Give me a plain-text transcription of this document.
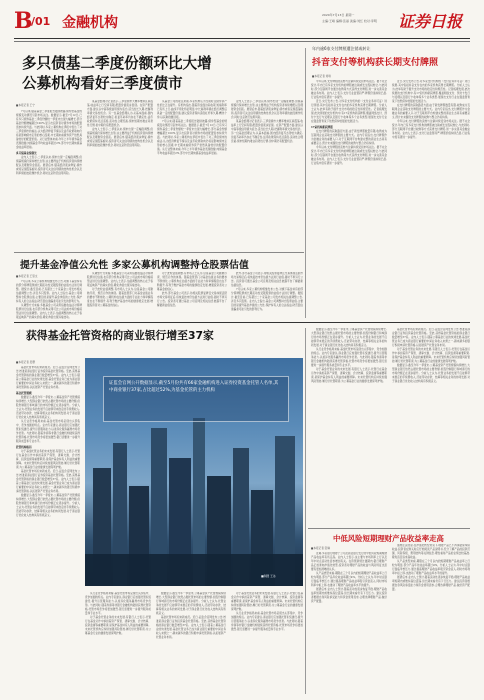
B
/01 金融机构	2020年7月13日 星期一
主编:王峰 编辑:张丽 美编:刘红 校对:李明 证券日报
多只债基二季度份额环比大增
公募机构看好三季度债市
■本报记者 王宁

7月以来,随着基金二季度报告陆续披露,债券型基金的规模变动情况引起市场关注。数据显示,截至7月12日,已有多只债券基金二季度份额较一季度末出现大幅增长,部分基金份额增幅超过100%,显示出投资者对债券市场的配置需求持续升温。与此同时,多家公募机构在季报中表达了对三季度债市的看法,认为经济修复节奏以及货币政策取向仍将是影响债市走势的核心因素,中长期来看债券资产依然具备较好的配置价值。从行业整体来看,今年上半年债券基金表现稳健,纯债基金平均收益率超过2%,部分中长期纯债基金收益率居前。

多只债基业绩领先

业内人士表示,二季度以来,债市出现一定幅度调整,但债基规模仍保持增长态势,这主要得益于机构投资者持续增配以及理财资金回流。展望后市,随着经济逐步修复,债市或将呈现震荡格局,投资者可关注信用债的结构性机会以及利率债的波段操作机会,同时注意防范信用风险。

某基金经理对记者表示,三季度债市大概率维持区间震荡,收益率上行空间有限,配置价值逐步显现。在资产配置方面,建议以中高等级信用债为底仓,适当拉长久期,把握利率债交易性机会。另一位基金经理认为,从基本面看,国内经济复苏态势较为确定,但复苏斜率仍存在不确定性,货币政策保持灵活适度,流动性合理充裕,债市短期内难言趋势性行情,但中期仍有配置机会。

业内人士表示,二季度以来,债市出现一定幅度调整,但债基规模仍保持增长态势,这主要得益于机构投资者持续增配以及理财资金回流。展望后市,随着经济逐步修复,债市或将呈现震荡格局,投资者可关注信用债的结构性机会以及利率债的波段操作机会,同时注意防范信用风险。

从基金公司的观点来看,多家机构认为当前时点债券资产性价比正在提升。有机构指出,随着资金面边际收紧,短端利率已有所上行,曲线平坦化特征明显,中长端利率债在经历调整后具备一定的配置价值,建议投资者保持适度杠杆和久期,精选个券,以获取稳健回报。

7月以来,随着基金二季度报告陆续披露,债券型基金的规模变动情况引起市场关注。数据显示,截至7月12日,已有多只债券基金二季度份额较一季度末出现大幅增长,部分基金份额增幅超过100%,显示出投资者对债券市场的配置需求持续升温。与此同时,多家公募机构在季报中表达了对三季度债市的看法,认为经济修复节奏以及货币政策取向仍将是影响债市走势的核心因素,中长期来看债券资产依然具备较好的配置价值。从行业整体来看,今年上半年债券基金表现稳健,纯债基金平均收益率超过2%,部分中长期纯债基金收益率居前。

业内人士表示,二季度以来,债市出现一定幅度调整,但债基规模仍保持增长态势,这主要得益于机构投资者持续增配以及理财资金回流。展望后市,随着经济逐步修复,债市或将呈现震荡格局,投资者可关注信用债的结构性机会以及利率债的波段操作机会,同时注意防范信用风险。

某基金经理对记者表示,三季度债市大概率维持区间震荡,收益率上行空间有限,配置价值逐步显现。在资产配置方面,建议以中高等级信用债为底仓,适当拉长久期,把握利率债交易性机会。另一位基金经理认为,从基本面看,国内经济复苏态势较为确定,但复苏斜率仍存在不确定性,货币政策保持灵活适度,流动性合理充裕,债市短期内难言趋势性行情,但中期仍有配置机会。

年内逾6家支付牌照遭注销或转让
抖音支付等机构获长期支付牌照
■本报记者 刘琪

今年以来,支付牌照的流转与注销持续受到市场关注。据不完全统计,年内已有多家支付机构的牌照被注销或发生股权转让,与此同时,部分互联网平台通过收购等方式获得支付牌照,进一步完善其金融业务布局。业内人士表示,支付行业监管趋严,牌照价值持续凸显,行业集中度有望进一步提升。

近日,央行发布公告,对多家支付机构的《支付业务许可证》进行续展,其中包括抖音支付在内的多家机构获得长期牌照。分析人士认为,此举有助于提升支付市场的稳定性和规范性。记者梳理发现,此次续展的支付机构中,有17家机构新获牌照,覆盖网络支付、预付卡发行与受理以及银行卡收单等多个业务类型,展现出支付行业在强监管背景下依然保持较强的发展活力。

17家机构新获牌照

在支付牌照的获取路径方面,由于新发牌照数量有限,收购成为互联网企业获取支付牌照的主要方式。业内专家指出,支付牌照作为金融业务的重要入口,对于互联网平台构建完整的商业生态具有重要意义,预计未来围绕支付牌照的收购与整合仍将持续。

今年以来,支付牌照的流转与注销持续受到市场关注。据不完全统计,年内已有多家支付机构的牌照被注销或发生股权转让,与此同时,部分互联网平台通过收购等方式获得支付牌照,进一步完善其金融业务布局。业内人士表示,支付行业监管趋严,牌照价值持续凸显,行业集中度有望进一步提升。

近日,央行发布公告,对多家支付机构的《支付业务许可证》进行续展,其中包括抖音支付在内的多家机构获得长期牌照。分析人士认为,此举有助于提升支付市场的稳定性和规范性。记者梳理发现,此次续展的支付机构中,有17家机构新获牌照,覆盖网络支付、预付卡发行与受理以及银行卡收单等多个业务类型,展现出支付行业在强监管背景下依然保持较强的发展活力。

在支付牌照的获取路径方面,由于新发牌照数量有限,收购成为互联网企业获取支付牌照的主要方式。业内专家指出,支付牌照作为金融业务的重要入口,对于互联网平台构建完整的商业生态具有重要意义,预计未来围绕支付牌照的收购与整合仍将持续。

今年以来,支付牌照的流转与注销持续受到市场关注。据不完全统计,年内已有多家支付机构的牌照被注销或发生股权转让,与此同时,部分互联网平台通过收购等方式获得支付牌照,进一步完善其金融业务布局。业内人士表示,支付行业监管趋严,牌照价值持续凸显,行业集中度有望进一步提升。

提升基金净值公允性 多家公募机构调整持仓股票估值
■本报记者 王思文

7月以来,多家公募机构相继发布公告,对旗下基金持有的部分停牌股票或长期流动性受限股票的估值方法进行调整。据统计,截至目前,已有超过二十家基金公司发布相关估值调整公告,涉及多只股票。业内人士指出,基金公司调整持仓股票估值,主要目的是提升基金净值的公允性,保护持有人的合法权益,防范因估值偏差可能引发的套利行为。

从调整方式来看,多数基金公司采用指数收益法对停牌股票进行估值,也有部分机构采用可比公司法或市场价格模型法进行估值调整。业内人士表示,估值调整的核心在于客观反映资产的真实价值,避免净值出现异常波动。

从调整方式来看,多数基金公司采用指数收益法对停牌股票进行估值,也有部分机构采用可比公司法或市场价格模型法进行估值调整。业内人士表示,估值调整的核心在于客观反映资产的真实价值,避免净值出现异常波动。

对于此轮估值调整,有市场人士认为,这是基金公司勤勉尽责、规范运作的体现。随着监管部门对基金估值业务的要求不断细化,公募机构在估值方面的专业能力和审慎程度也在不断提升,有利于维护基金市场的健康稳定发展,增强投资者对公募基金的信心。

对于此轮估值调整,有市场人士认为,这是基金公司勤勉尽责、规范运作的体现。随着监管部门对基金估值业务的要求不断细化,公募机构在估值方面的专业能力和审慎程度也在不断提升,有利于维护基金市场的健康稳定发展,增强投资者对公募基金的信心。

此外,部分基金公司表示,待相关股票复牌且交易体现活跃市场交易特征后,将恢复按市价估值方法进行估值,届时不再另行公告。投资者可通过基金公司官网及相关信息披露平台了解最新估值信息。

此外,部分基金公司表示,待相关股票复牌且交易体现活跃市场交易特征后,将恢复按市价估值方法进行估值,届时不再另行公告。投资者可通过基金公司官网及相关信息披露平台了解最新估值信息。

7月以来,多家公募机构相继发布公告,对旗下基金持有的部分停牌股票或长期流动性受限股票的估值方法进行调整。据统计,截至目前,已有超过二十家基金公司发布相关估值调整公告,涉及多只股票。业内人士指出,基金公司调整持仓股票估值,主要目的是提升基金净值的公允性,保护持有人的合法权益,防范因估值偏差可能引发的套利行为。

获得基金托管资格的商业银行增至37家
■本报记者 吴珊

基金托管市场迎来新成员。近日,证监会官网发布公告,核准某商业银行证券投资基金托管资格。至此,获得基金托管资格的商业银行数量增至37家。业内人士表示,随着公募基金行业的快速发展,基金托管业务已成为商业银行重要的中间业务收入来源之一,越来越多的银行积极申请托管资格,以拓展资产托管业务布局。

基金托管规模

数据显示,截至今年一季度末,公募基金资产托管规模持续增长,大型商业银行依然占据托管市场的主要份额,但股份制银行和城商行的市场份额正在逐步提升。分析人士认为,托管业务的发展不仅能够带来稳定的手续费收入,还能带动存款、结算等相关业务的协同发展,对于商业银行优化收入结构具有积极意义。

从行业竞争格局来看,基金托管市场呈现出头部集中、竞争加剧的特点。业内专家建议,商业银行应加强托管系统建设,提升运营服务能力,以差异化服务赢得市场竞争优势。与此同时,随着券商等非银行金融机构陆续获得托管资格,托管市场竞争将更加激烈,银行需要进一步提升服务质量和专业水平。

托管机构格局

对于基金托管业务的未来发展,有银行人士表示,托管行在基金运作中承担着资产保管、清算交割、会计核算、投资监督等重要职责,是保护基金持有人利益的重要屏障。未来托管机构应持续加强风险管控,履行好托管职责,为公募基金行业的健康发展保驾护航。

基金托管市场迎来新成员。近日,证监会官网发布公告,核准某商业银行证券投资基金托管资格。至此,获得基金托管资格的商业银行数量增至37家。业内人士表示,随着公募基金行业的快速发展,基金托管业务已成为商业银行重要的中间业务收入来源之一,越来越多的银行积极申请托管资格,以拓展资产托管业务布局。

数据显示,截至今年一季度末,公募基金资产托管规模持续增长,大型商业银行依然占据托管市场的主要份额,但股份制银行和城商行的市场份额正在逐步提升。分析人士认为,托管业务的发展不仅能够带来稳定的手续费收入,还能带动存款、结算等相关业务的协同发展,对于商业银行优化收入结构具有积极意义。

证监会官网公开数据显示,截至5月份共有66家金融机构进入证券投资基金托管人名单,其中商业银行37家,占比超过52%,为基金托管的主力机构
■制图 王冰

从行业竞争格局来看,基金托管市场呈现出头部集中、竞争加剧的特点。业内专家建议,商业银行应加强托管系统建设,提升运营服务能力,以差异化服务赢得市场竞争优势。与此同时,随着券商等非银行金融机构陆续获得托管资格,托管市场竞争将更加激烈,银行需要进一步提升服务质量和专业水平。

对于基金托管业务的未来发展,有银行人士表示,托管行在基金运作中承担着资产保管、清算交割、会计核算、投资监督等重要职责,是保护基金持有人利益的重要屏障。未来托管机构应持续加强风险管控,履行好托管职责,为公募基金行业的健康发展保驾护航。

数据显示,截至今年一季度末,公募基金资产托管规模持续增长,大型商业银行依然占据托管市场的主要份额,但股份制银行和城商行的市场份额正在逐步提升。分析人士认为,托管业务的发展不仅能够带来稳定的手续费收入,还能带动存款、结算等相关业务的协同发展,对于商业银行优化收入结构具有积极意义。

基金托管市场迎来新成员。近日,证监会官网发布公告,核准某商业银行证券投资基金托管资格。至此,获得基金托管资格的商业银行数量增至37家。业内人士表示,随着公募基金行业的快速发展,基金托管业务已成为商业银行重要的中间业务收入来源之一,越来越多的银行积极申请托管资格,以拓展资产托管业务布局。

对于基金托管业务的未来发展,有银行人士表示,托管行在基金运作中承担着资产保管、清算交割、会计核算、投资监督等重要职责,是保护基金持有人利益的重要屏障。未来托管机构应持续加强风险管控,履行好托管职责,为公募基金行业的健康发展保驾护航。

从行业竞争格局来看,基金托管市场呈现出头部集中、竞争加剧的特点。业内专家建议,商业银行应加强托管系统建设,提升运营服务能力,以差异化服务赢得市场竞争优势。与此同时,随着券商等非银行金融机构陆续获得托管资格,托管市场竞争将更加激烈,银行需要进一步提升服务质量和专业水平。

数据显示,截至今年一季度末,公募基金资产托管规模持续增长,大型商业银行依然占据托管市场的主要份额,但股份制银行和城商行的市场份额正在逐步提升。分析人士认为,托管业务的发展不仅能够带来稳定的手续费收入,还能带动存款、结算等相关业务的协同发展,对于商业银行优化收入结构具有积极意义。

从行业竞争格局来看,基金托管市场呈现出头部集中、竞争加剧的特点。业内专家建议,商业银行应加强托管系统建设,提升运营服务能力,以差异化服务赢得市场竞争优势。与此同时,随着券商等非银行金融机构陆续获得托管资格,托管市场竞争将更加激烈,银行需要进一步提升服务质量和专业水平。

对于基金托管业务的未来发展,有银行人士表示,托管行在基金运作中承担着资产保管、清算交割、会计核算、投资监督等重要职责,是保护基金持有人利益的重要屏障。未来托管机构应持续加强风险管控,履行好托管职责,为公募基金行业的健康发展保驾护航。

基金托管市场迎来新成员。近日,证监会官网发布公告,核准某商业银行证券投资基金托管资格。至此,获得基金托管资格的商业银行数量增至37家。业内人士表示,随着公募基金行业的快速发展,基金托管业务已成为商业银行重要的中间业务收入来源之一,越来越多的银行积极申请托管资格,以拓展资产托管业务布局。

对于基金托管业务的未来发展,有银行人士表示,托管行在基金运作中承担着资产保管、清算交割、会计核算、投资监督等重要职责,是保护基金持有人利益的重要屏障。未来托管机构应持续加强风险管控,履行好托管职责,为公募基金行业的健康发展保驾护航。

数据显示,截至今年一季度末,公募基金资产托管规模持续增长,大型商业银行依然占据托管市场的主要份额,但股份制银行和城商行的市场份额正在逐步提升。分析人士认为,托管业务的发展不仅能够带来稳定的手续费收入,还能带动存款、结算等相关业务的协同发展,对于商业银行优化收入结构具有积极意义。

中低风险短期理财产品收益率走高
■本报记者 张琳

近期,多家银行理财子公司及商业银行发行的中低风险短期理财产品收益率有所走高。业内人士表示,这主要与市场利率上行以及年中时点流动性需求增加有关。在资管新规过渡期内,银行理财产品正加速向净值化转型,投资者对理财产品的收益与风险特征也需要有更加清晰的认识。

从产品类型来看,期限在三个月以内的短期理财产品收益率上行较为明显,部分产品年化收益率超过4%。分析人士认为,年中时点银行面临考核压力,通过提高理财产品收益率吸引资金流入,同时市场利率中枢上移,也推动了理财产品收益率水平的提升。

展望后市,业内人士预计,随着流动性逐步恢复平稳,理财产品收益率短期内或维持高位震荡,但长期来看仍有下行压力。建议投资者根据自身风险承受能力和资金使用需求,合理选择理财产品,做好资产配置。

值得注意的是,在净值化转型背景下,理财产品已不再承诺保本保收益,投资者在购买时应仔细阅读产品说明书,充分了解产品的投资范围、风险等级、费用结构等关键信息,理性看待产品的业绩比较基准,避免盲目追求高收益。

从产品类型来看,期限在三个月以内的短期理财产品收益率上行较为明显,部分产品年化收益率超过4%。分析人士认为,年中时点银行面临考核压力,通过提高理财产品收益率吸引资金流入,同时市场利率中枢上移,也推动了理财产品收益率水平的提升。

展望后市,业内人士预计,随着流动性逐步恢复平稳,理财产品收益率短期内或维持高位震荡,但长期来看仍有下行压力。建议投资者根据自身风险承受能力和资金使用需求,合理选择理财产品,做好资产配置。
